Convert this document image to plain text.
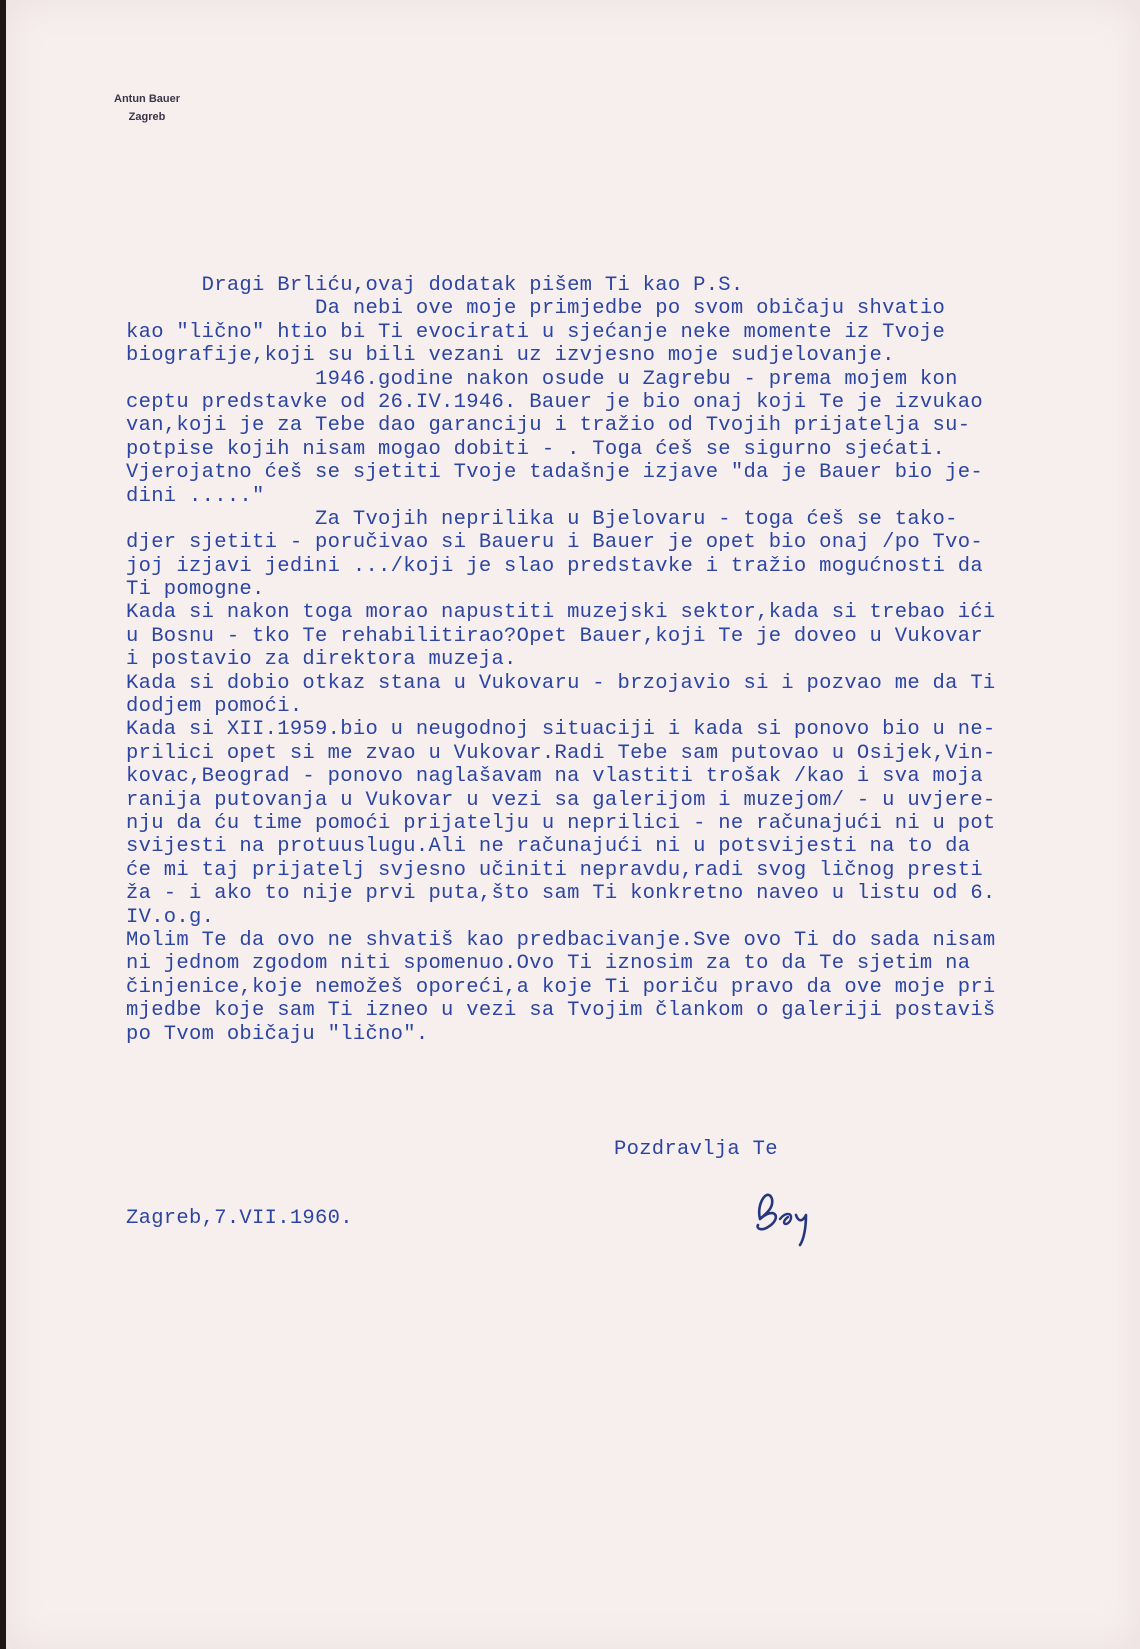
Antun Bauer
Zagreb
Dragi Brliću,ovaj dodatak pišem Ti kao P.S.
Da nebi ove moje primjedbe po svom običaju shvatio
kao "lično" htio bi Ti evocirati u sjećanje neke momente iz Tvoje
biografije,koji su bili vezani uz izvjesno moje sudjelovanje.
1946.godine nakon osude u Zagrebu - prema mojem kon
ceptu predstavke od 26.IV.1946. Bauer je bio onaj koji Te je izvukao
van,koji je za Tebe dao garanciju i tražio od Tvojih prijatelja su-
potpise kojih nisam mogao dobiti - . Toga ćeš se sigurno sjećati.
Vjerojatno ćeš se sjetiti Tvoje tadašnje izjave "da je Bauer bio je-
dini ....."
Za Tvojih neprilika u Bjelovaru - toga ćeš se tako-
djer sjetiti - poručivao si Baueru i Bauer je opet bio onaj /po Tvo-
joj izjavi jedini .../koji je slao predstavke i tražio mogućnosti da
Ti pomogne.
Kada si nakon toga morao napustiti muzejski sektor,kada si trebao ići
u Bosnu - tko Te rehabilitirao?Opet Bauer,koji Te je doveo u Vukovar
i postavio za direktora muzeja.
Kada si dobio otkaz stana u Vukovaru - brzojavio si i pozvao me da Ti
dodjem pomoći.
Kada si XII.1959.bio u neugodnoj situaciji i kada si ponovo bio u ne-
prilici opet si me zvao u Vukovar.Radi Tebe sam putovao u Osijek,Vin-
kovac,Beograd - ponovo naglašavam na vlastiti trošak /kao i sva moja
ranija putovanja u Vukovar u vezi sa galerijom i muzejom/ - u uvjere-
nju da ću time pomoći prijatelju u neprilici - ne računajući ni u pot
svijesti na protuuslugu.Ali ne računajući ni u potsvijesti na to da
će mi taj prijatelj svjesno učiniti nepravdu,radi svog ličnog presti
ža - i ako to nije prvi puta,što sam Ti konkretno naveo u listu od 6.
IV.o.g.
Molim Te da ovo ne shvatiš kao predbacivanje.Sve ovo Ti do sada nisam
ni jednom zgodom niti spomenuo.Ovo Ti iznosim za to da Te sjetim na
činjenice,koje nemožeš oporeći,a koje Ti poriču pravo da ove moje pri
mjedbe koje sam Ti izneo u vezi sa Tvojim člankom o galeriji postaviš
po Tvom običaju "lično".
Pozdravlja Te
Zagreb,7.VII.1960.
